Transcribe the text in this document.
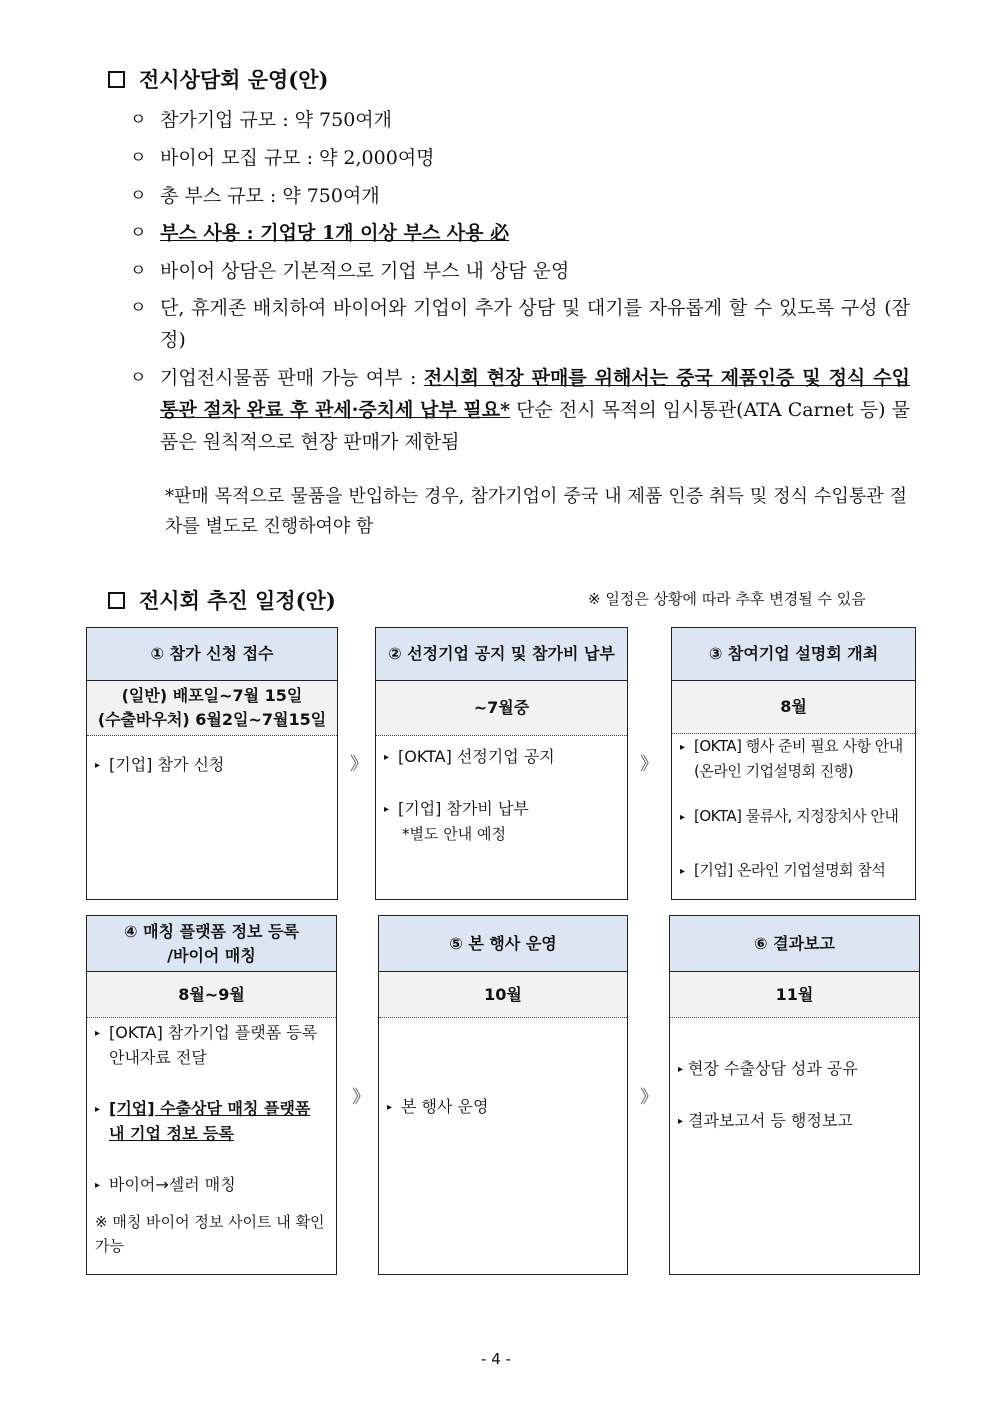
전시상담회 운영(안)
ㅇ 참가기업 규모 : 약 750여개
ㅇ 바이어 모집 규모 : 약 2,000여명
ㅇ 총 부스 규모 : 약 750여개
ㅇ 부스 사용 : 기업당 1개 이상 부스 사용 必
ㅇ 바이어 상담은 기본적으로 기업 부스 내 상담 운영
ㅇ 단, 휴게존 배치하여 바이어와 기업이 추가 상담 및 대기를 자유롭게 할 수 있도록 구성 (잠정)
ㅇ 기업전시물품 판매 가능 여부 : 전시회 현장 판매를 위해서는 중국 제품인증 및 정식 수입통관 절차 완료 후 관세·증치세 납부 필요* 단순 전시 목적의 임시통관(ATA Carnet 등) 물품은 원칙적으로 현장 판매가 제한됨
*판매 목적으로 물품을 반입하는 경우, 참가기업이 중국 내 제품 인증 취득 및 정식 수입통관 절차를 별도로 진행하여야 함
전시회 추진 일정(안)	※ 일정은 상황에 따라 추후 변경될 수 있음
① 참가 신청 접수
(일반) 배포일~7월 15일
(수출바우처) 6월2일~7월15일
▸ [기업] 참가 신청	》
② 선정기업 공지 및 참가비 납부
~7월중
▸ [OKTA] 선정기업 공지
▸ [기업] 참가비 납부
*별도 안내 예정
》
③ 참여기업 설명회 개최
8월
▸ [OKTA] 행사 준비 필요 사항 안내 (온라인 기업설명회 진행)
▸ [OKTA] 물류사, 지정장치사 안내
▸ [기업] 온라인 기업설명회 참석
④ 매칭 플랫폼 정보 등록
/바이어 매칭
8월~9월
▸ [OKTA] 참가기업 플랫폼 등록 안내자료 전달
▸ [기업] 수출상담 매칭 플랫폼 내 기업 정보 등록
▸ 바이어→셀러 매칭
※ 매칭 바이어 정보 사이트 내 확인 가능
》
⑤ 본 행사 운영
10월
▸ 본 행사 운영	》
⑥ 결과보고
11월
▸ 현장 수출상담 성과 공유
▸ 결과보고서 등 행정보고
- 4 -
